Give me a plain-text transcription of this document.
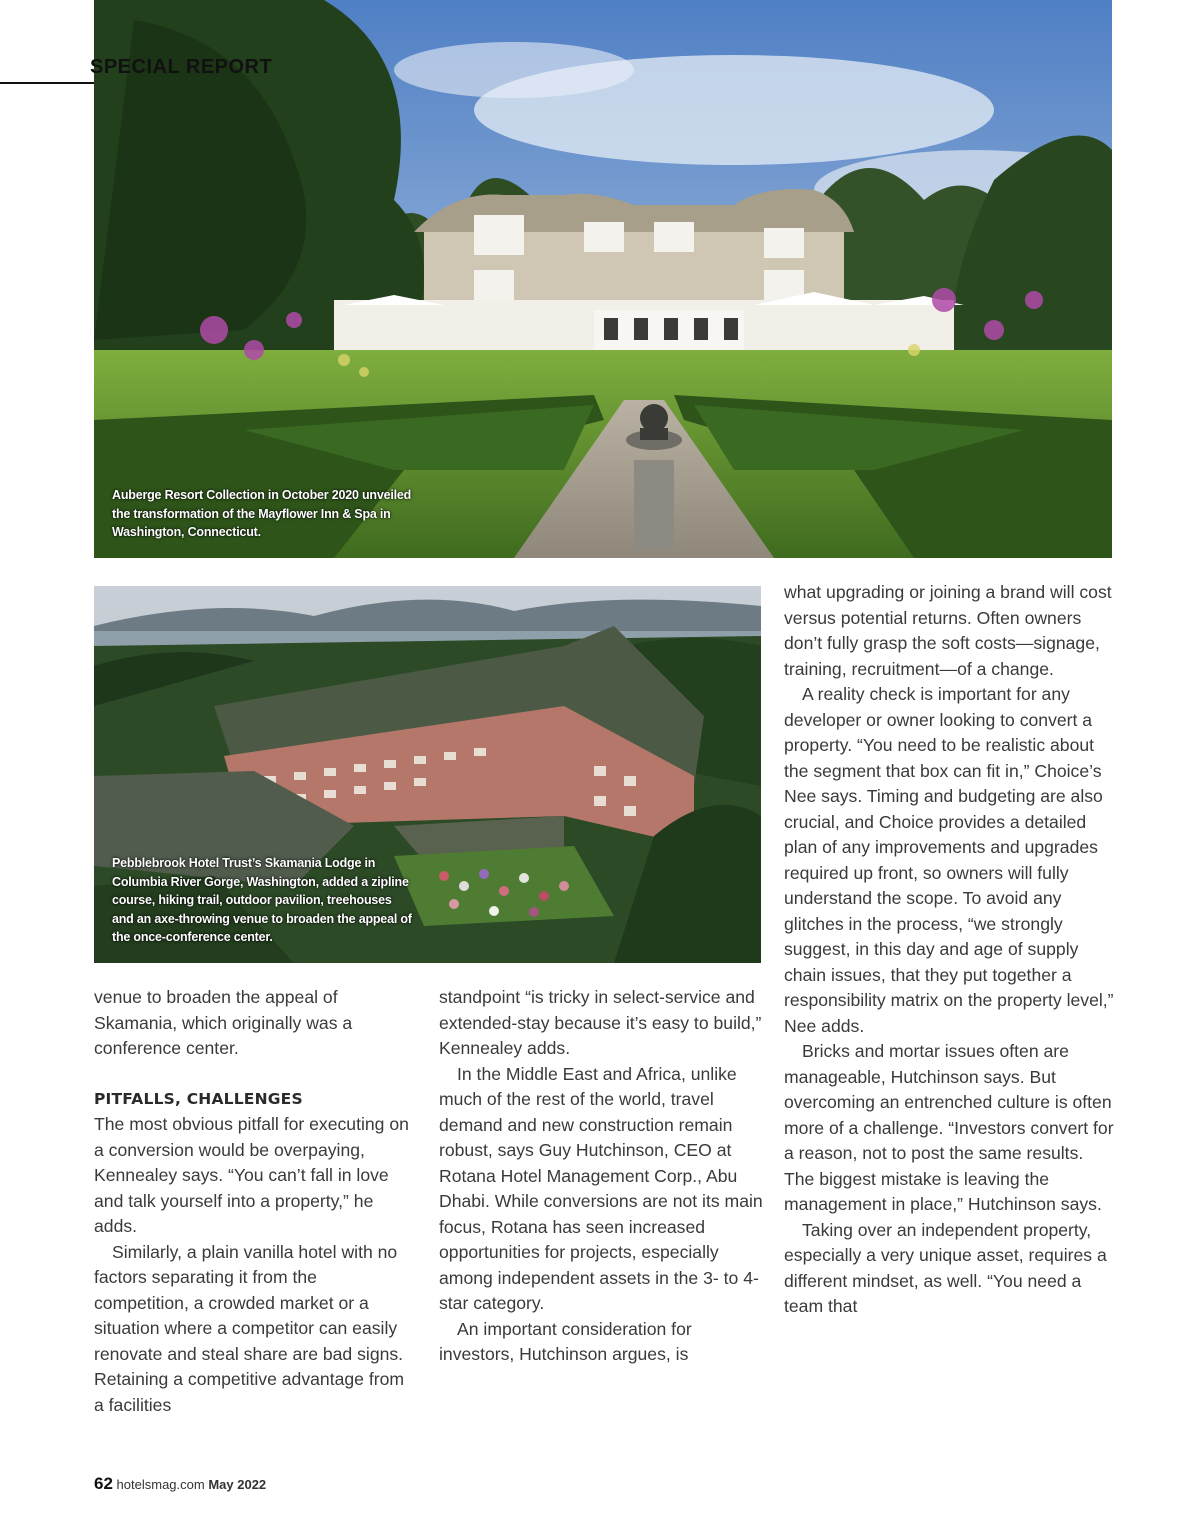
Auberge Resort Collection in October 2020 unveiled the transformation of the Mayflower Inn & Spa in Washington, Connecticut.

SPECIAL REPORT

Pebblebrook Hotel Trust’s Skamania Lodge in Columbia River Gorge, Washington, added a zipline course, hiking trail, outdoor pavilion, treehouses and an axe-throwing venue to broaden the appeal of the once-conference center.

venue to broaden the appeal of Skamania, which originally was a conference center.

PITFALLS, CHALLENGES

The most obvious pitfall for executing on a conversion would be overpaying, Kennealey says. “You can’t fall in love and talk yourself into a property,” he adds.

Similarly, a plain vanilla hotel with no factors separating it from the competition, a crowded market or a situation where a competitor can easily renovate and steal share are bad signs. Retaining a competitive advantage from a facilities

standpoint “is tricky in select-service and extended-stay because it’s easy to build,” Kennealey adds.

In the Middle East and Africa, unlike much of the rest of the world, travel demand and new construction remain robust, says Guy Hutchinson, CEO at Rotana Hotel Management Corp., Abu Dhabi. While conversions are not its main focus, Rotana has seen increased opportunities for projects, especially among independent assets in the 3- to 4-star category.

An important consideration for investors, Hutchinson argues, is

what upgrading or joining a brand will cost versus potential returns. Often owners don’t fully grasp the soft costs—signage, training, recruitment—of a change.

A reality check is important for any developer or owner looking to convert a property. “You need to be realistic about the segment that box can fit in,” Choice’s Nee says. Timing and budgeting are also crucial, and Choice provides a detailed plan of any improvements and upgrades required up front, so owners will fully understand the scope. To avoid any glitches in the process, “we strongly suggest, in this day and age of supply chain issues, that they put together a responsibility matrix on the property level,” Nee adds.

Bricks and mortar issues often are manageable, Hutchinson says. But overcoming an entrenched culture is often more of a challenge. “Investors convert for a reason, not to post the same results. The biggest mistake is leaving the management in place,” Hutchinson says.

Taking over an independent property, especially a very unique asset, requires a different mindset, as well. “You need a team that

62 hotelsmag.com May 2022
